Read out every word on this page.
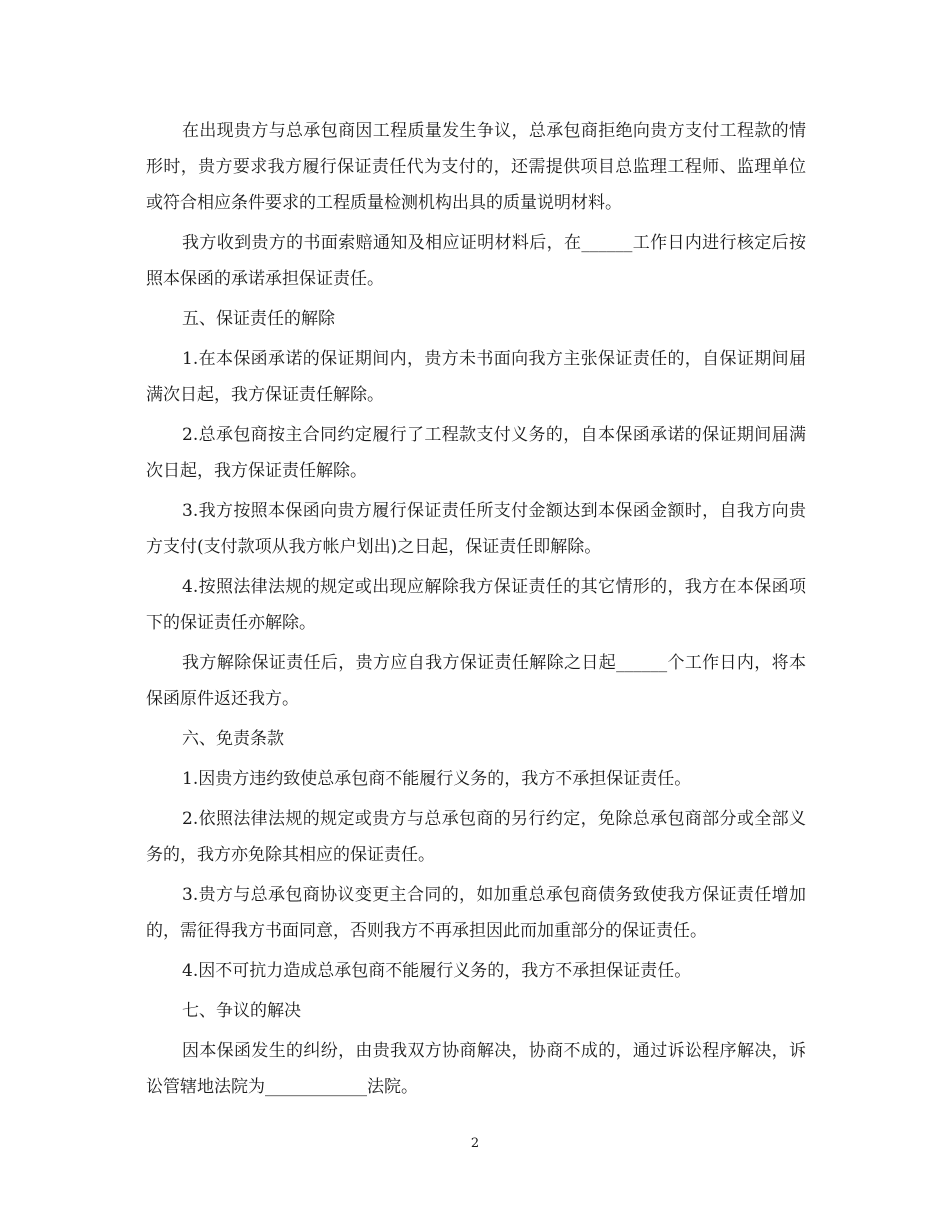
在出现贵方与总承包商因工程质量发生争议，总承包商拒绝向贵方支付工程款的情形时，贵方要求我方履行保证责任代为支付的，还需提供项目总监理工程师、监理单位或符合相应条件要求的工程质量检测机构出具的质量说明材料。

我方收到贵方的书面索赔通知及相应证明材料后，在______工作日内进行核定后按照本保函的承诺承担保证责任。

五、保证责任的解除

1.在本保函承诺的保证期间内，贵方未书面向我方主张保证责任的，自保证期间届满次日起，我方保证责任解除。

2.总承包商按主合同约定履行了工程款支付义务的，自本保函承诺的保证期间届满次日起，我方保证责任解除。

3.我方按照本保函向贵方履行保证责任所支付金额达到本保函金额时，自我方向贵方支付(支付款项从我方帐户划出)之日起，保证责任即解除。

4.按照法律法规的规定或出现应解除我方保证责任的其它情形的，我方在本保函项下的保证责任亦解除。

我方解除保证责任后，贵方应自我方保证责任解除之日起______个工作日内，将本保函原件返还我方。

六、免责条款

1.因贵方违约致使总承包商不能履行义务的，我方不承担保证责任。

2.依照法律法规的规定或贵方与总承包商的另行约定，免除总承包商部分或全部义务的，我方亦免除其相应的保证责任。

3.贵方与总承包商协议变更主合同的，如加重总承包商债务致使我方保证责任增加的，需征得我方书面同意，否则我方不再承担因此而加重部分的保证责任。

4.因不可抗力造成总承包商不能履行义务的，我方不承担保证责任。

七、争议的解决

因本保函发生的纠纷，由贵我双方协商解决，协商不成的，通过诉讼程序解决，诉讼管辖地法院为____________法院。

2
